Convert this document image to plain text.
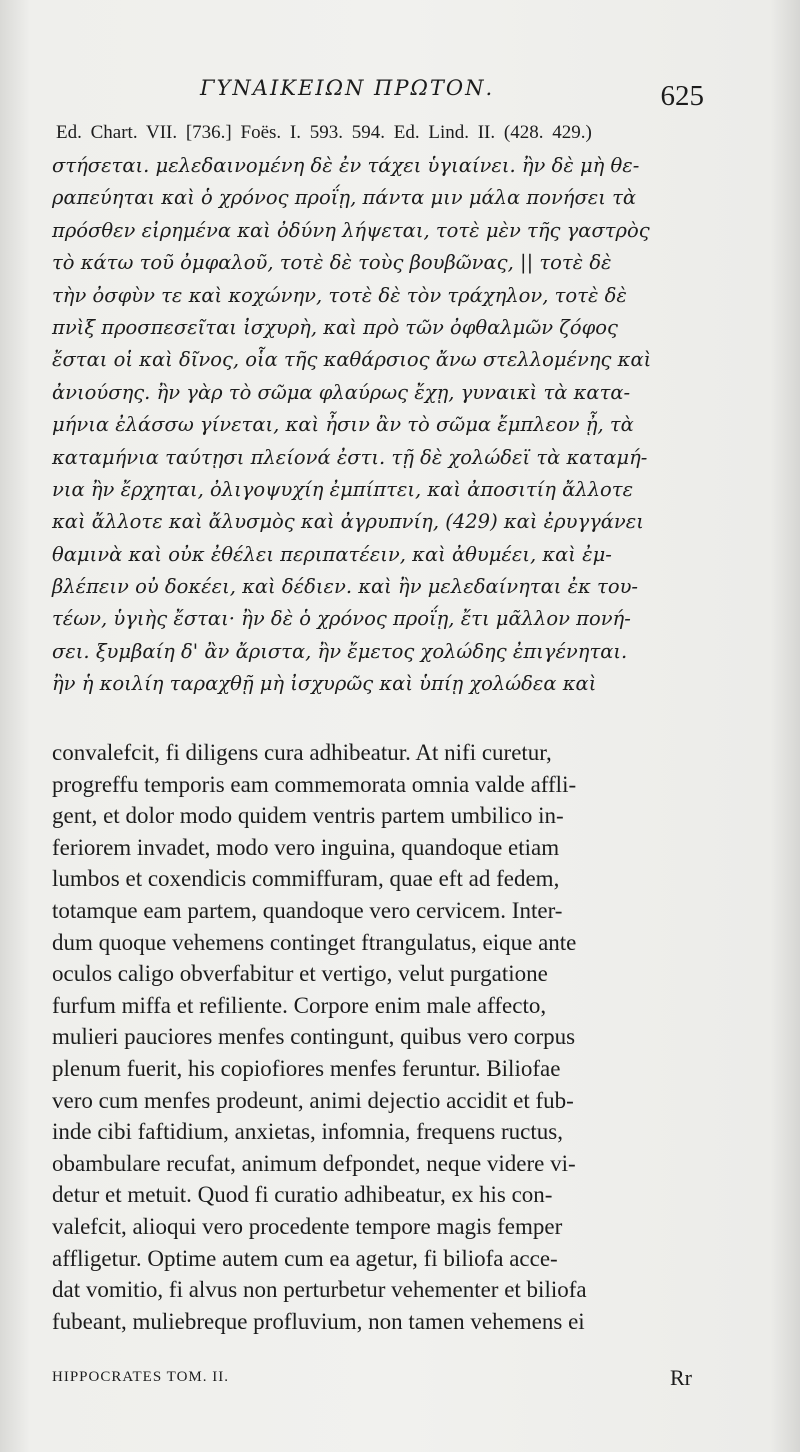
ΓΥΝΑΙΚΕΙΩΝ ΠΡΩΤΟΝ.	625
Ed. Chart. VII. [736.] Foës. I. 593. 594. Ed. Lind. II. (428. 429.)
στήσεται. μελεδαινομένη δὲ ἐν τάχει ὑγιαίνει. ἢν δὲ μὴ θε-
ραπεύηται καὶ ὁ χρόνος προΐῃ, πάντα μιν μάλα πονήσει τὰ
πρόσθεν εἰρημένα καὶ ὀδύνη λήψεται, τοτὲ μὲν τῆς γαστρὸς
τὸ κάτω τοῦ ὀμφαλοῦ, τοτὲ δὲ τοὺς βουβῶνας, || τοτὲ δὲ
τὴν ὀσφὺν τε καὶ κοχώνην, τοτὲ δὲ τὸν τράχηλον, τοτὲ δὲ
πνὶξ προσπεσεῖται ἰσχυρὴ, καὶ πρὸ τῶν ὀφθαλμῶν ζόφος
ἔσται οἱ καὶ δῖνος, οἷα τῆς καθάρσιος ἄνω στελλομένης καὶ
ἀνιούσης. ἢν γὰρ τὸ σῶμα φλαύρως ἔχῃ, γυναικὶ τὰ κατα-
μήνια ἐλάσσω γίνεται, καὶ ἦσιν ἂν τὸ σῶμα ἔμπλεον ᾖ, τὰ
καταμήνια ταύτῃσι πλείονά ἐστι. τῇ δὲ χολώδεϊ τὰ καταμή-
νια ἢν ἔρχηται, ὀλιγοψυχίη ἐμπίπτει, καὶ ἀποσιτίη ἄλλοτε
καὶ ἄλλοτε καὶ ἄλυσμὸς καὶ ἀγρυπνίη, (429) καὶ ἐρυγγάνει
θαμινὰ καὶ οὐκ ἐθέλει περιπατέειν, καὶ ἀθυμέει, καὶ ἐμ-
βλέπειν οὐ δοκέει, καὶ δέδιεν. καὶ ἢν μελεδαίνηται ἐκ του-
τέων, ὑγιὴς ἔσται· ἢν δὲ ὁ χρόνος προΐῃ, ἔτι μᾶλλον πονή-
σει. ξυμβαίη δ' ἂν ἄριστα, ἢν ἔμετος χολώδης ἐπιγένηται.
ἢν ἡ κοιλίη ταραχθῇ μὴ ἰσχυρῶς καὶ ὑπίῃ χολώδεα καὶ
convalefcit, fi diligens cura adhibeatur. At nifi curetur,
progreffu temporis eam commemorata omnia valde affli-
gent, et dolor modo quidem ventris partem umbilico in-
feriorem invadet, modo vero inguina, quandoque etiam
lumbos et coxendicis commiffuram, quae eft ad fedem,
totamque eam partem, quandoque vero cervicem. Inter-
dum quoque vehemens continget ftrangulatus, eique ante
oculos caligo obverfabitur et vertigo, velut purgatione
furfum miffa et refiliente. Corpore enim male affecto,
mulieri pauciores menfes contingunt, quibus vero corpus
plenum fuerit, his copiofiores menfes feruntur. Biliofae
vero cum menfes prodeunt, animi dejectio accidit et fub-
inde cibi faftidium, anxietas, infomnia, frequens ructus,
obambulare recufat, animum defpondet, neque videre vi-
detur et metuit. Quod fi curatio adhibeatur, ex his con-
valefcit, alioqui vero procedente tempore magis femper
affligetur. Optime autem cum ea agetur, fi biliofa acce-
dat vomitio, fi alvus non perturbetur vehementer et biliofa
fubeant, muliebreque profluvium, non tamen vehemens ei
HIPPOCRATES TOM. II.	Rr
